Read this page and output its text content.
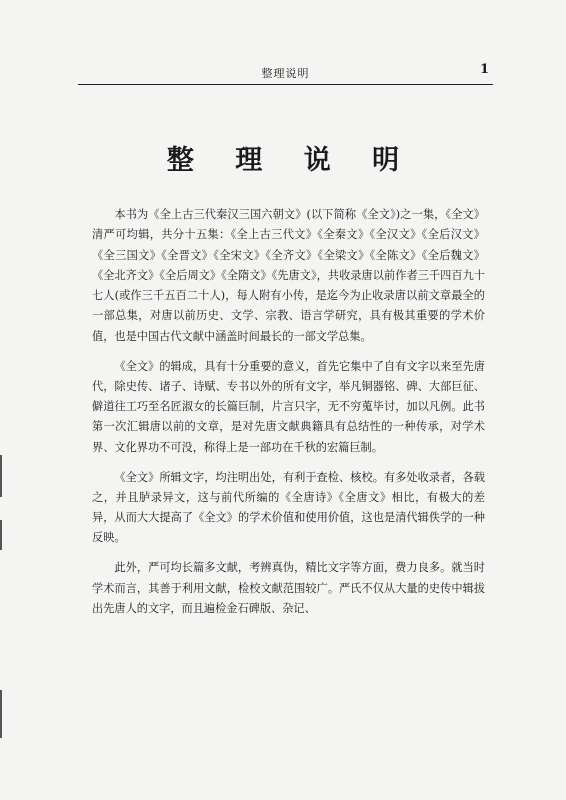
整理说明	1
整 理 说 明

本书为《全上古三代秦汉三国六朝文》(以下简称《全文》)之一集，《全文》清严可均辑，共分十五集：《全上古三代文》《全秦文》《全汉文》《全后汉文》《全三国文》《全晋文》《全宋文》《全齐文》《全梁文》《全陈文》《全后魏文》《全北齐文》《全后周文》《全隋文》《先唐文》，共收录唐以前作者三千四百九十七人(或作三千五百二十人)，每人附有小传，是迄今为止收录唐以前文章最全的一部总集，对唐以前历史、文学、宗教、语言学研究，具有极其重要的学术价值，也是中国古代文献中涵盖时间最长的一部文学总集。

《全文》的辑成，具有十分重要的意义，首先它集中了自有文字以来至先唐代，除史传、诸子、诗赋、专书以外的所有文字，举凡铜器铭、碑、大部巨征、僻道往工巧至名匠淑女的长篇巨制，片言只字，无不穷蒐毕讨，加以凡例。此书第一次汇辑唐以前的文章，是对先唐文献典籍具有总结性的一种传承，对学术界、文化界功不可没，称得上是一部功在千秋的宏篇巨制。

《全文》所辑文字，均注明出处，有利于查检、核校。有多处收录者，各载之，并且胪录异文，这与前代所编的《全唐诗》《全唐文》相比，有极大的差异，从而大大提高了《全文》的学术价值和使用价值，这也是清代辑佚学的一种反映。

此外，严可均长篇多文献，考辨真伪，精比文字等方面，费力良多。就当时学术而言，其善于利用文献，检校文献范围较广。严氏不仅从大量的史传中辑拔出先唐人的文字，而且遍检金石碑版、杂记、
